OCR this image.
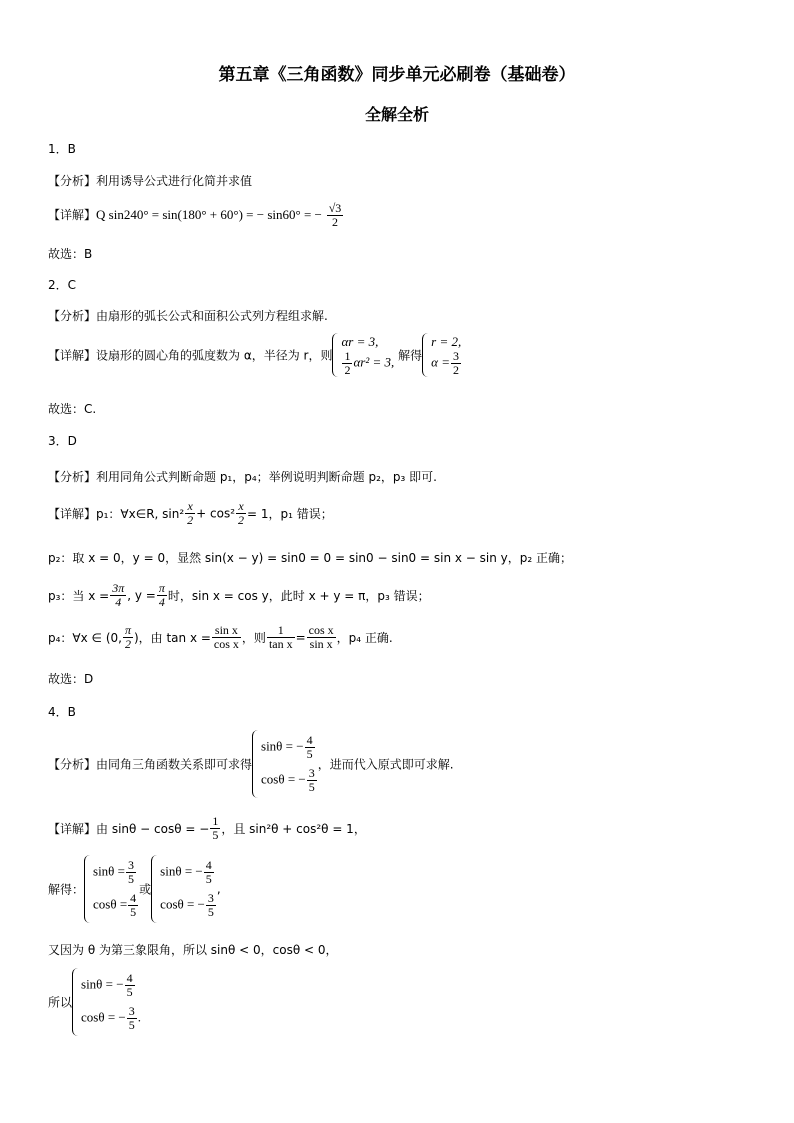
第五章《三角函数》同步单元必刷卷（基础卷）
全解全析
1．B
【分析】利用诱导公式进行化简并求值
【详解】Q sin240° = sin(180° + 60°) = − sin60° = − $\frac{√3}{2}$
故选：B
2．C
【分析】由扇形的弧长公式和面积公式列方程组求解.
【详解】设扇形的圆心角的弧度数为 α，半径为 r，则
αr = 3,
$\frac{1}{2} \alpha r^2 = 3$, 解得
r = 2,
$\alpha = \frac{3}{2}$
故选：C.
3．D
【分析】利用同角公式判断命题 p₁，p₄；举例说明判断命题 p₂，p₃ 即可.
【详解】p₁：∀x∈R, $\sin^2 \frac{x}{2} + \cos^2 \frac{x}{2} = 1$，p₁ 错误；
p₂：取 x = 0，y = 0，显然 sin(x − y) = sin0 = 0 = sin0 − sin0 = sin x − sin y，p₂ 正确；
p₃：当 $x = \frac{3\pi}{4}$ , $y = \frac{\pi}{4}$ 时，sin x = cos y，此时 x + y = π，p₃ 错误；
p₄：∀x ∈ (0, $\frac{\pi}{2}$ )，由 $\tan x = \frac{\text{sin x}}{\text{cos x}}$ ，则 $\frac{1}{\text{tan x}} = \frac{\text{cos x}}{\text{sin x}}$ ，p₄ 正确.
故选：D
4．B
【分析】由同角三角函数关系即可求得
sinθ = − $\frac{4}{5}$
cosθ = − $\frac{3}{5}$
，进而代入原式即可求解.
【详解】由 sinθ − cosθ = − $\frac{1}{5}$ ，且 sin²θ + cos²θ = 1，
解得：
$\sin\theta = \frac{3}{5}$
$\cos\theta = \frac{4}{5}$
或
sinθ = − $\frac{4}{5}$
cosθ = − $\frac{3}{5}$
,
又因为 θ 为第三象限角，所以 sinθ < 0，cosθ < 0，
所以
sinθ = − $\frac{4}{5}$
cosθ = − $\frac{3}{5}$ .
